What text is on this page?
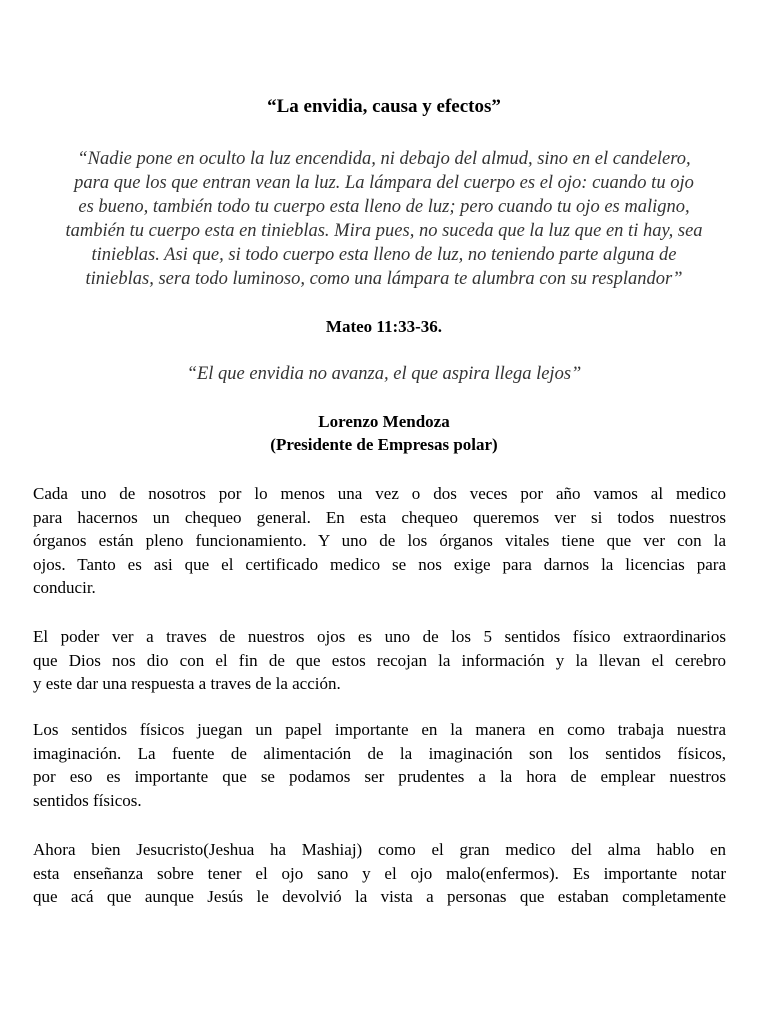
“La envidia, causa y efectos”
“Nadie pone en oculto la luz encendida, ni debajo del almud, sino en el candelero,
para que los que entran vean la luz. La lámpara del cuerpo es el ojo: cuando tu ojo
es bueno, también todo tu cuerpo esta lleno de luz; pero cuando tu ojo es maligno,
también tu cuerpo esta en tinieblas. Mira pues, no suceda que la luz que en ti hay, sea
tinieblas. Asi que, si todo cuerpo esta lleno de luz, no teniendo parte alguna de
tinieblas, sera todo luminoso, como una lámpara te alumbra con su resplandor”

Mateo 11:33-36.

“El que envidia no avanza, el que aspira llega lejos”

Lorenzo Mendoza
(Presidente de Empresas polar)
Cada uno de nosotros por lo menos una vez o dos veces por año vamos al medico
para hacernos un chequeo general. En esta chequeo queremos ver si todos nuestros
órganos están pleno funcionamiento. Y uno de los órganos vitales tiene que ver con la
ojos. Tanto es asi que el certificado medico se nos exige para darnos la licencias para
conducir.
El poder ver a traves de nuestros ojos es uno de los 5 sentidos físico extraordinarios
que Dios nos dio con el fin de que estos recojan la información y la llevan el cerebro
y este dar una respuesta a traves de la acción.
Los sentidos físicos juegan un papel importante en la manera en como trabaja nuestra
imaginación. La fuente de alimentación de la imaginación son los sentidos físicos,
por eso es importante que se podamos ser prudentes a la hora de emplear nuestros
sentidos físicos.
Ahora bien Jesucristo(Jeshua ha Mashiaj) como el gran medico del alma hablo en
esta enseñanza sobre tener el ojo sano y el ojo malo(enfermos). Es importante notar
que acá que aunque Jesús le devolvió la vista a personas que estaban completamente
